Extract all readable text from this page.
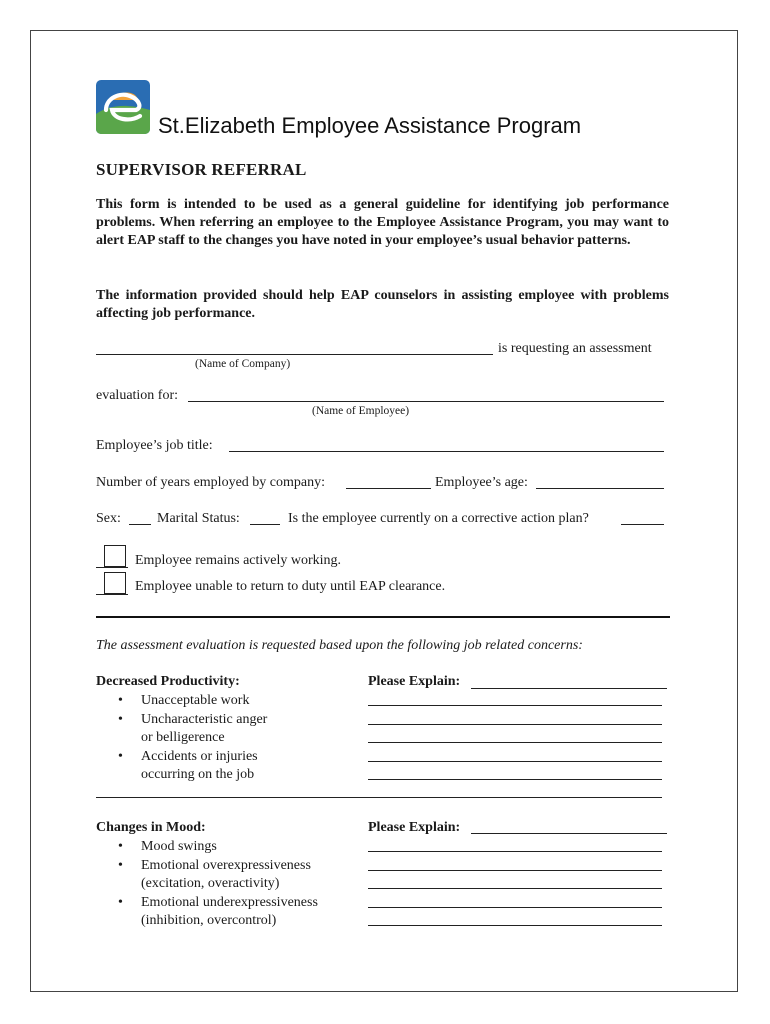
St.Elizabeth Employee Assistance Program
SUPERVISOR REFERRAL
This form is intended to be used as a general guideline for identifying job performance problems. When referring an employee to the Employee Assistance Program, you may want to alert EAP staff to the changes you have noted in your employee’s usual behavior patterns.
The information provided should help EAP counselors in assisting employee with problems affecting job performance.
is requesting an assessment
(Name of Company)
evaluation for:
(Name of Employee)
Employee’s job title:
Number of years employed by company:	Employee’s age:
Sex:	Marital Status:	Is the employee currently on a corrective action plan?
Employee remains actively working.
Employee unable to return to duty until EAP clearance.
The assessment evaluation is requested based upon the following job related concerns:
Decreased Productivity:
• Unacceptable work
• Uncharacteristic anger
or belligerence
• Accidents or injuries
occurring on the job
Please Explain:
Changes in Mood:
• Mood swings
• Emotional overexpressiveness
(excitation, overactivity)
• Emotional underexpressiveness
(inhibition, overcontrol)
Please Explain:
